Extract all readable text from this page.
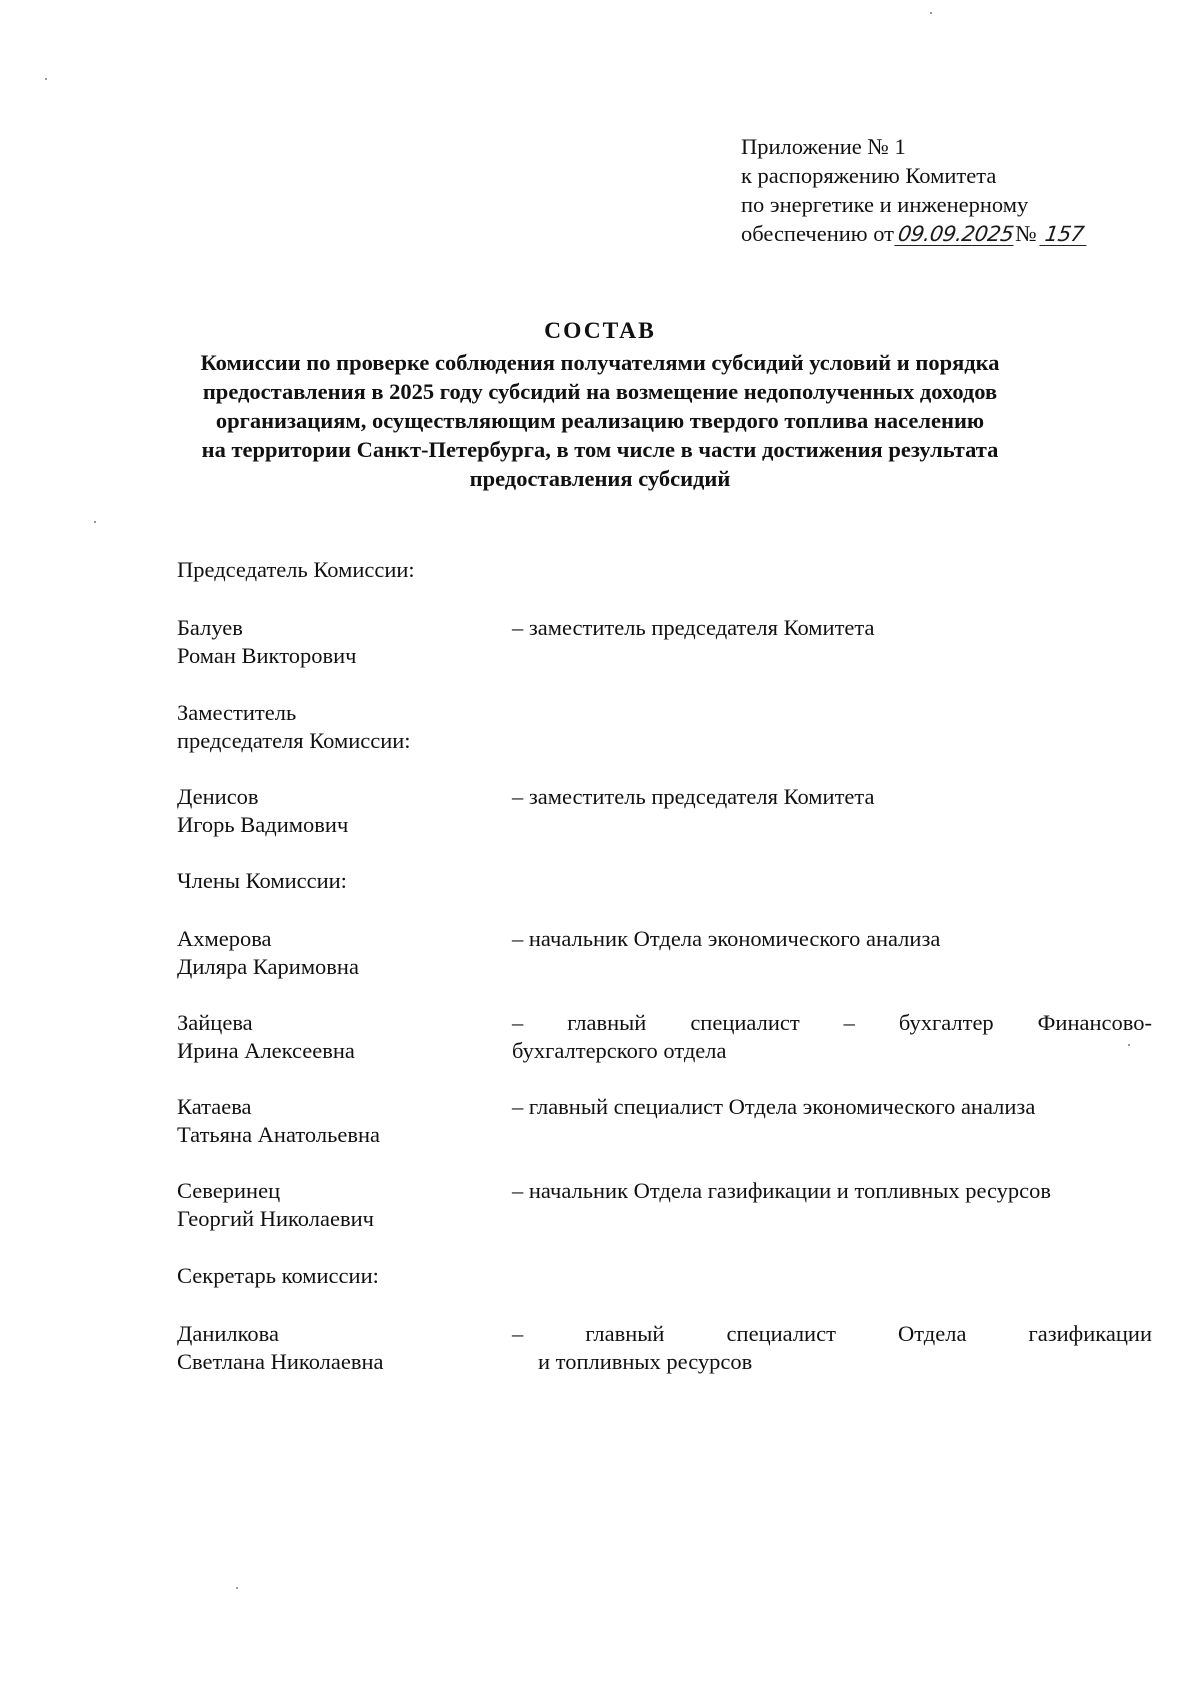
Приложение № 1
к распоряжению Комитета
по энергетике и инженерному
обеспечению от 09.09.2025№ 157
СОСТАВ
Комиссии по проверке соблюдения получателями субсидий условий и порядка
предоставления в 2025 году субсидий на возмещение недополученных доходов
организациям, осуществляющим реализацию твердого топлива населению
на территории Санкт-Петербурга, в том числе в части достижения результата
предоставления субсидий
Председатель Комиссии:
Балуев
Роман Викторович
– заместитель председателя Комитета
Заместитель
председателя Комиссии:
Денисов
Игорь Вадимович
– заместитель председателя Комитета
Члены Комиссии:
Ахмерова
Диляра Каримовна
– начальник Отдела экономического анализа
Зайцева
Ирина Алексеевна
– главный специалист – бухгалтер Финансово-
бухгалтерского отдела
Катаева
Татьяна Анатольевна
– главный специалист Отдела экономического анализа
Северинец
Георгий Николаевич
– начальник Отдела газификации и топливных ресурсов
Секретарь комиссии:
Данилкова
Светлана Николаевна
– главный специалист Отдела газификации
и топливных ресурсов
